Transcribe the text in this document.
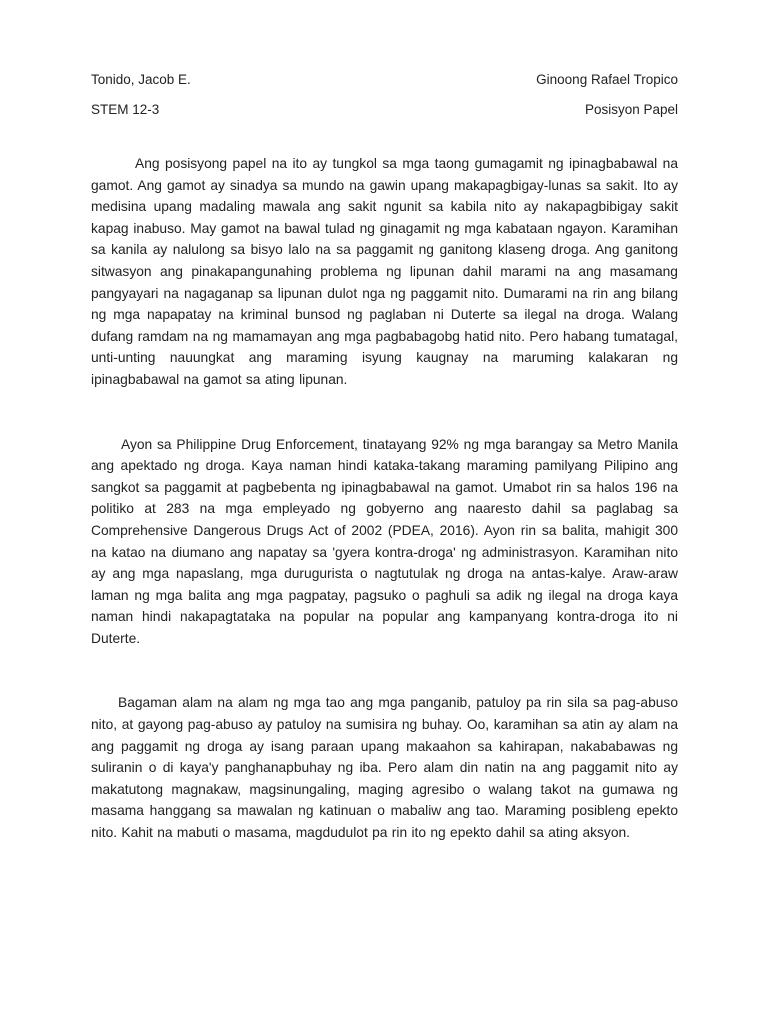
Tonido, Jacob E.	Ginoong Rafael Tropico
STEM 12-3	Posisyon Papel

Ang posisyong papel na ito ay tungkol sa mga taong gumagamit ng ipinagbabawal na gamot. Ang gamot ay sinadya sa mundo na gawin upang makapagbigay-lunas sa sakit. Ito ay medisina upang madaling mawala ang sakit ngunit sa kabila nito ay nakapagbibigay sakit kapag inabuso. May gamot na bawal tulad ng ginagamit ng mga kabataan ngayon. Karamihan sa kanila ay nalulong sa bisyo lalo na sa paggamit ng ganitong klaseng droga. Ang ganitong sitwasyon ang pinakapangunahing problema ng lipunan dahil marami na ang masamang pangyayari na nagaganap sa lipunan dulot nga ng paggamit nito. Dumarami na rin ang bilang ng mga napapatay na kriminal bunsod ng paglaban ni Duterte sa ilegal na droga. Walang dufang ramdam na ng mamamayan ang mga pagbabagobg hatid nito. Pero habang tumatagal, unti-unting nauungkat ang maraming isyung kaugnay na maruming kalakaran ng ipinagbabawal na gamot sa ating lipunan.

Ayon sa Philippine Drug Enforcement, tinatayang 92% ng mga barangay sa Metro Manila ang apektado ng droga. Kaya naman hindi kataka-takang maraming pamilyang Pilipino ang sangkot sa paggamit at pagbebenta ng ipinagbabawal na gamot. Umabot rin sa halos 196 na politiko at 283 na mga empleyado ng gobyerno ang naaresto dahil sa paglabag sa Comprehensive Dangerous Drugs Act of 2002 (PDEA, 2016). Ayon rin sa balita, mahigit 300 na katao na diumano ang napatay sa 'gyera kontra-droga' ng administrasyon. Karamihan nito ay ang mga napaslang, mga durugurista o nagtutulak ng droga na antas-kalye. Araw-araw laman ng mga balita ang mga pagpatay, pagsuko o paghuli sa adik ng ilegal na droga kaya naman hindi nakapagtataka na popular na popular ang kampanyang kontra-droga ito ni Duterte.

Bagaman alam na alam ng mga tao ang mga panganib, patuloy pa rin sila sa pag-abuso nito, at gayong pag-abuso ay patuloy na sumisira ng buhay. Oo, karamihan sa atin ay alam na ang paggamit ng droga ay isang paraan upang makaahon sa kahirapan, nakababawas ng suliranin o di kaya'y panghanapbuhay ng iba. Pero alam din natin na ang paggamit nito ay makatutong magnakaw, magsinungaling, maging agresibo o walang takot na gumawa ng masama hanggang sa mawalan ng katinuan o mabaliw ang tao. Maraming posibleng epekto nito. Kahit na mabuti o masama, magdudulot pa rin ito ng epekto dahil sa ating aksyon.
